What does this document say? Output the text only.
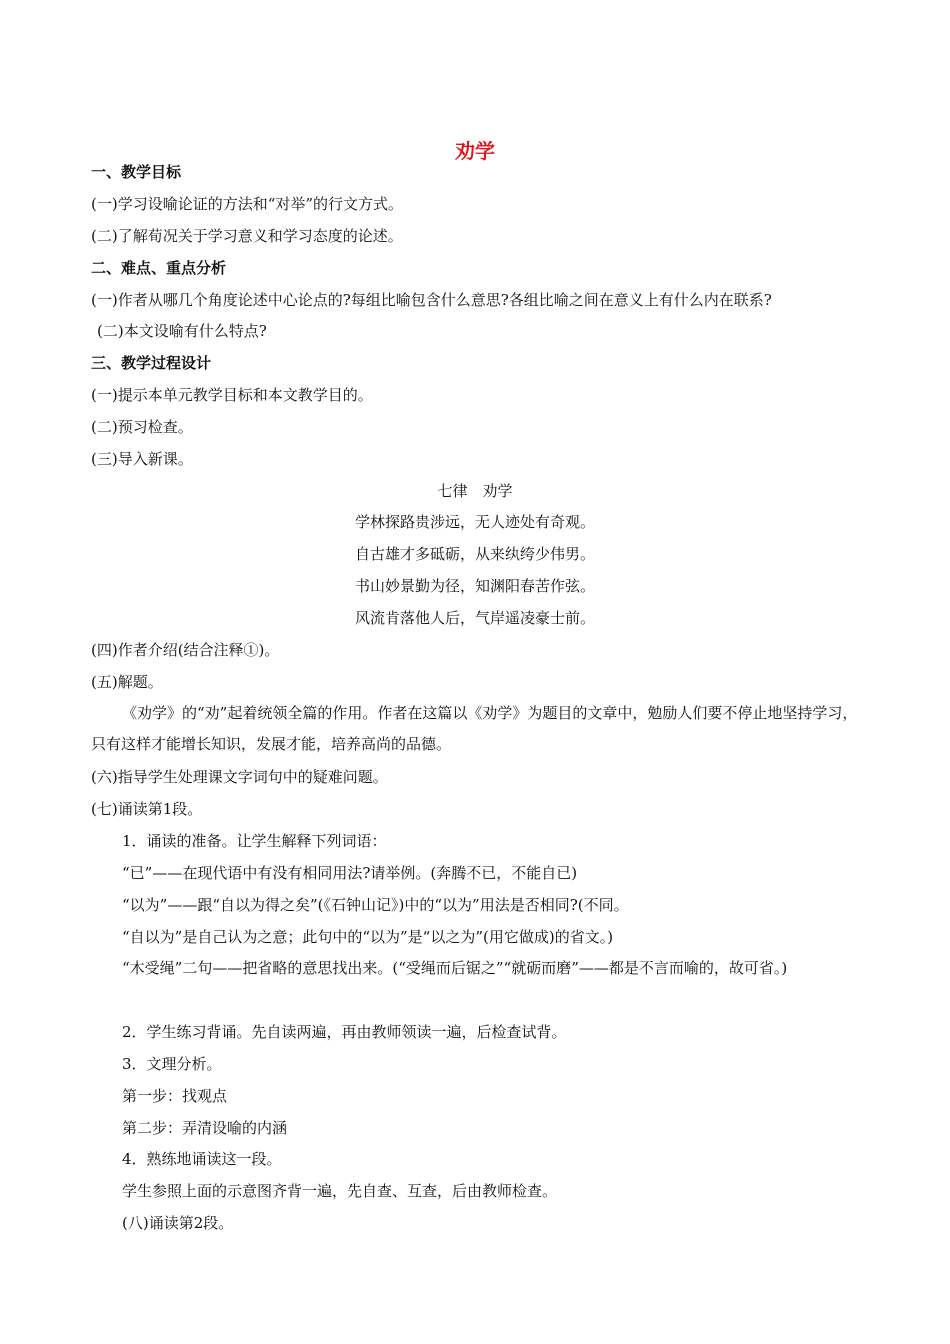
劝学

一、教学目标

(一)学习设喻论证的方法和“对举”的行文方式。

(二)了解荀况关于学习意义和学习态度的论述。

二、难点、重点分析

(一)作者从哪几个角度论述中心论点的?每组比喻包含什么意思?各组比喻之间在意义上有什么内在联系?

(二)本文设喻有什么特点?

三、教学过程设计

(一)提示本单元教学目标和本文教学目的。

(二)预习检查。

(三)导入新课。

七律　劝学

学林探路贵涉远，无人迹处有奇观。

自古雄才多砥砺，从来纨绔少伟男。

书山妙景勤为径，知渊阳春苦作弦。

风流肯落他人后，气岸遥凌豪士前。

(四)作者介绍(结合注释①)。

(五)解题。

《劝学》的“劝”起着统领全篇的作用。作者在这篇以《劝学》为题目的文章中，勉励人们要不停止地坚持学习，只有这样才能增长知识，发展才能，培养高尚的品德。

(六)指导学生处理课文字词句中的疑难问题。

(七)诵读第1段。

1．诵读的准备。让学生解释下列词语：

“已”——在现代语中有没有相同用法?请举例。(奔腾不已，不能自已)

“以为”——跟“自以为得之矣”(《石钟山记》)中的“以为”用法是否相同?(不同。

“自以为”是自己认为之意；此句中的“以为”是“以之为”(用它做成)的省文。)

“木受绳”二句——把省略的意思找出来。(“受绳而后锯之”“就砺而磨”——都是不言而喻的，故可省。)

2．学生练习背诵。先自读两遍，再由教师领读一遍，后检查试背。

3．文理分析。

第一步：找观点

第二步：弄清设喻的内涵

4．熟练地诵读这一段。

学生参照上面的示意图齐背一遍，先自查、互查，后由教师检查。

(八)诵读第2段。
